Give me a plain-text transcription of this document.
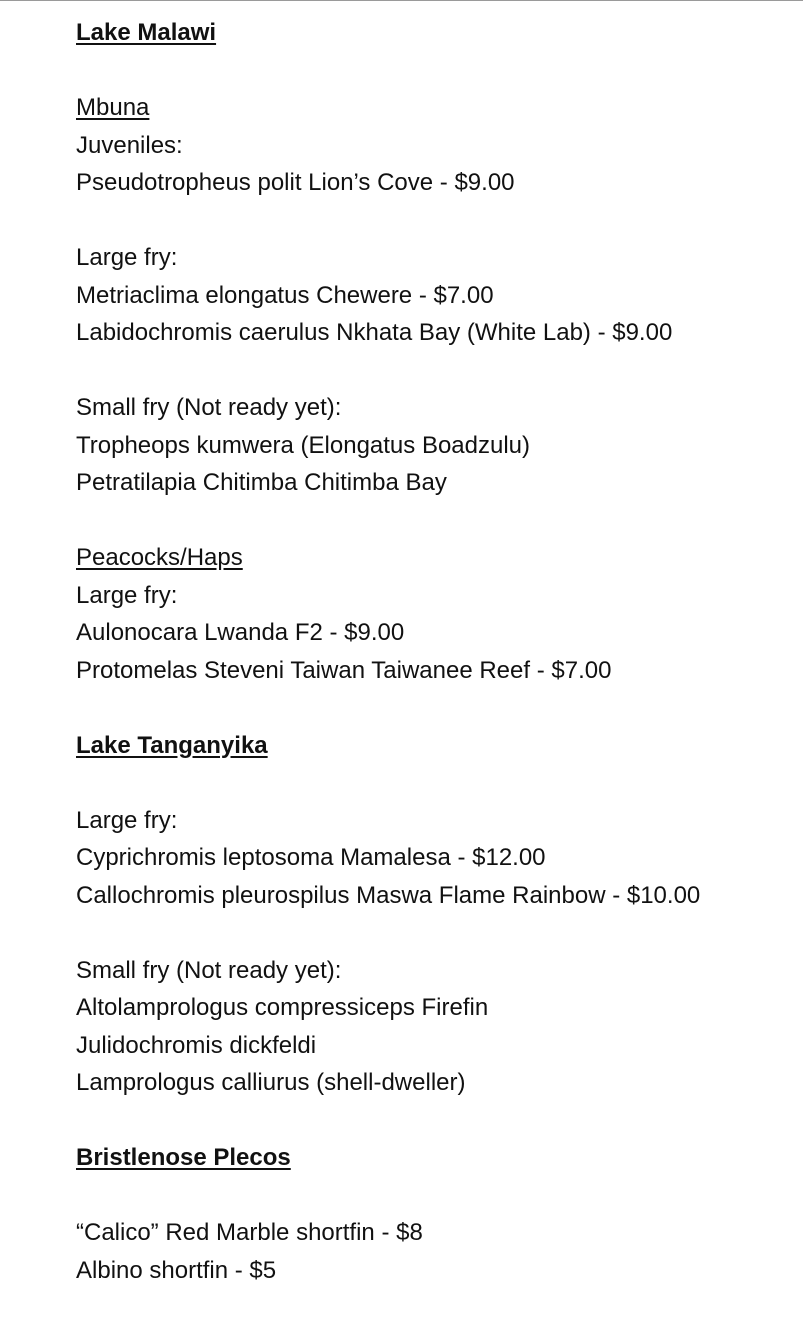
Lake Malawi
Mbuna
Juveniles:
Pseudotropheus polit Lion’s Cove - $9.00
Large fry:
Metriaclima elongatus Chewere - $7.00
Labidochromis caerulus Nkhata Bay (White Lab) - $9.00
Small fry (Not ready yet):
Tropheops kumwera (Elongatus Boadzulu)
Petratilapia Chitimba Chitimba Bay
Peacocks/Haps
Large fry:
Aulonocara Lwanda F2 - $9.00
Protomelas Steveni Taiwan Taiwanee Reef - $7.00
Lake Tanganyika
Large fry:
Cyprichromis leptosoma Mamalesa - $12.00
Callochromis pleurospilus Maswa Flame Rainbow - $10.00
Small fry (Not ready yet):
Altolamprologus compressiceps Firefin
Julidochromis dickfeldi
Lamprologus calliurus (shell-dweller)
Bristlenose Plecos
“Calico” Red Marble shortfin - $8
Albino shortfin - $5
